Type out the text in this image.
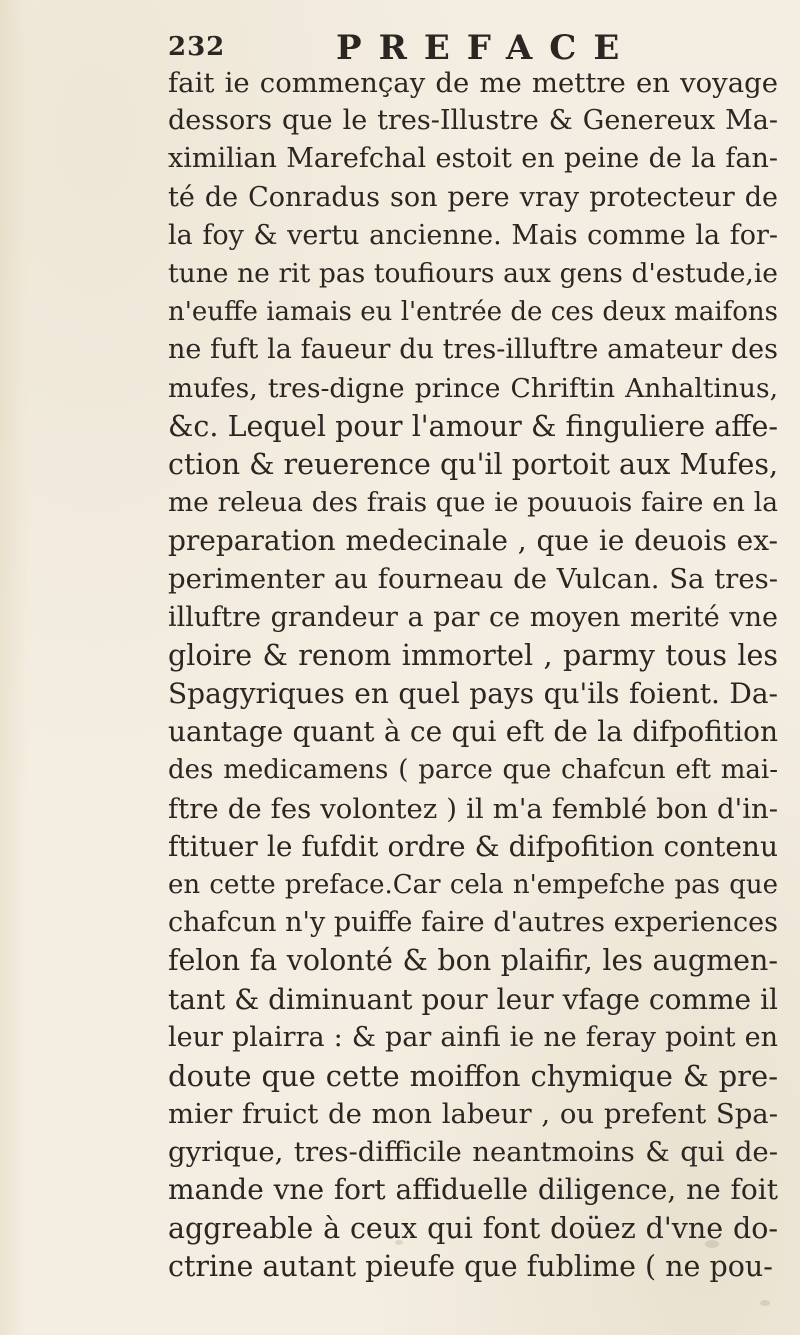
232	PREFACE
fait ie commençay de me mettre en voyage
dessors que le tres-Illustre & Genereux Ma-
ximilian Marefchal estoit en peine de la fan-
té de Conradus son pere vray protecteur de
la foy & vertu ancienne. Mais comme la for-
tune ne rit pas toufiours aux gens d'estude,ie
n'euffe iamais eu l'entrée de ces deux maifons
ne fuft la faueur du tres-illuftre amateur des
mufes, tres-digne prince Chriftin Anhaltinus,
&c. Lequel pour l'amour & finguliere affe-
ction & reuerence qu'il portoit aux Mufes,
me releua des frais que ie pouuois faire en la
preparation medecinale , que ie deuois ex-
perimenter au fourneau de Vulcan. Sa tres-
illuftre grandeur a par ce moyen merité vne
gloire & renom immortel , parmy tous les
Spagyriques en quel pays qu'ils foient. Da-
uantage quant à ce qui eft de la difpofition
des medicamens ( parce que chafcun eft mai-
ftre de fes volontez ) il m'a femblé bon d'in-
ftituer le fufdit ordre & difpofition contenu
en cette preface.Car cela n'empefche pas que
chafcun n'y puiffe faire d'autres experiences
felon fa volonté & bon plaifir, les augmen-
tant & diminuant pour leur vfage comme il
leur plairra : & par ainfi ie ne feray point en
doute que cette moiffon chymique & pre-
mier fruict de mon labeur , ou prefent Spa-
gyrique, tres-difficile neantmoins & qui de-
mande vne fort affiduelle diligence, ne foit
aggreable à ceux qui font doüez d'vne do-
ctrine autant pieufe que fublime ( ne pou-
